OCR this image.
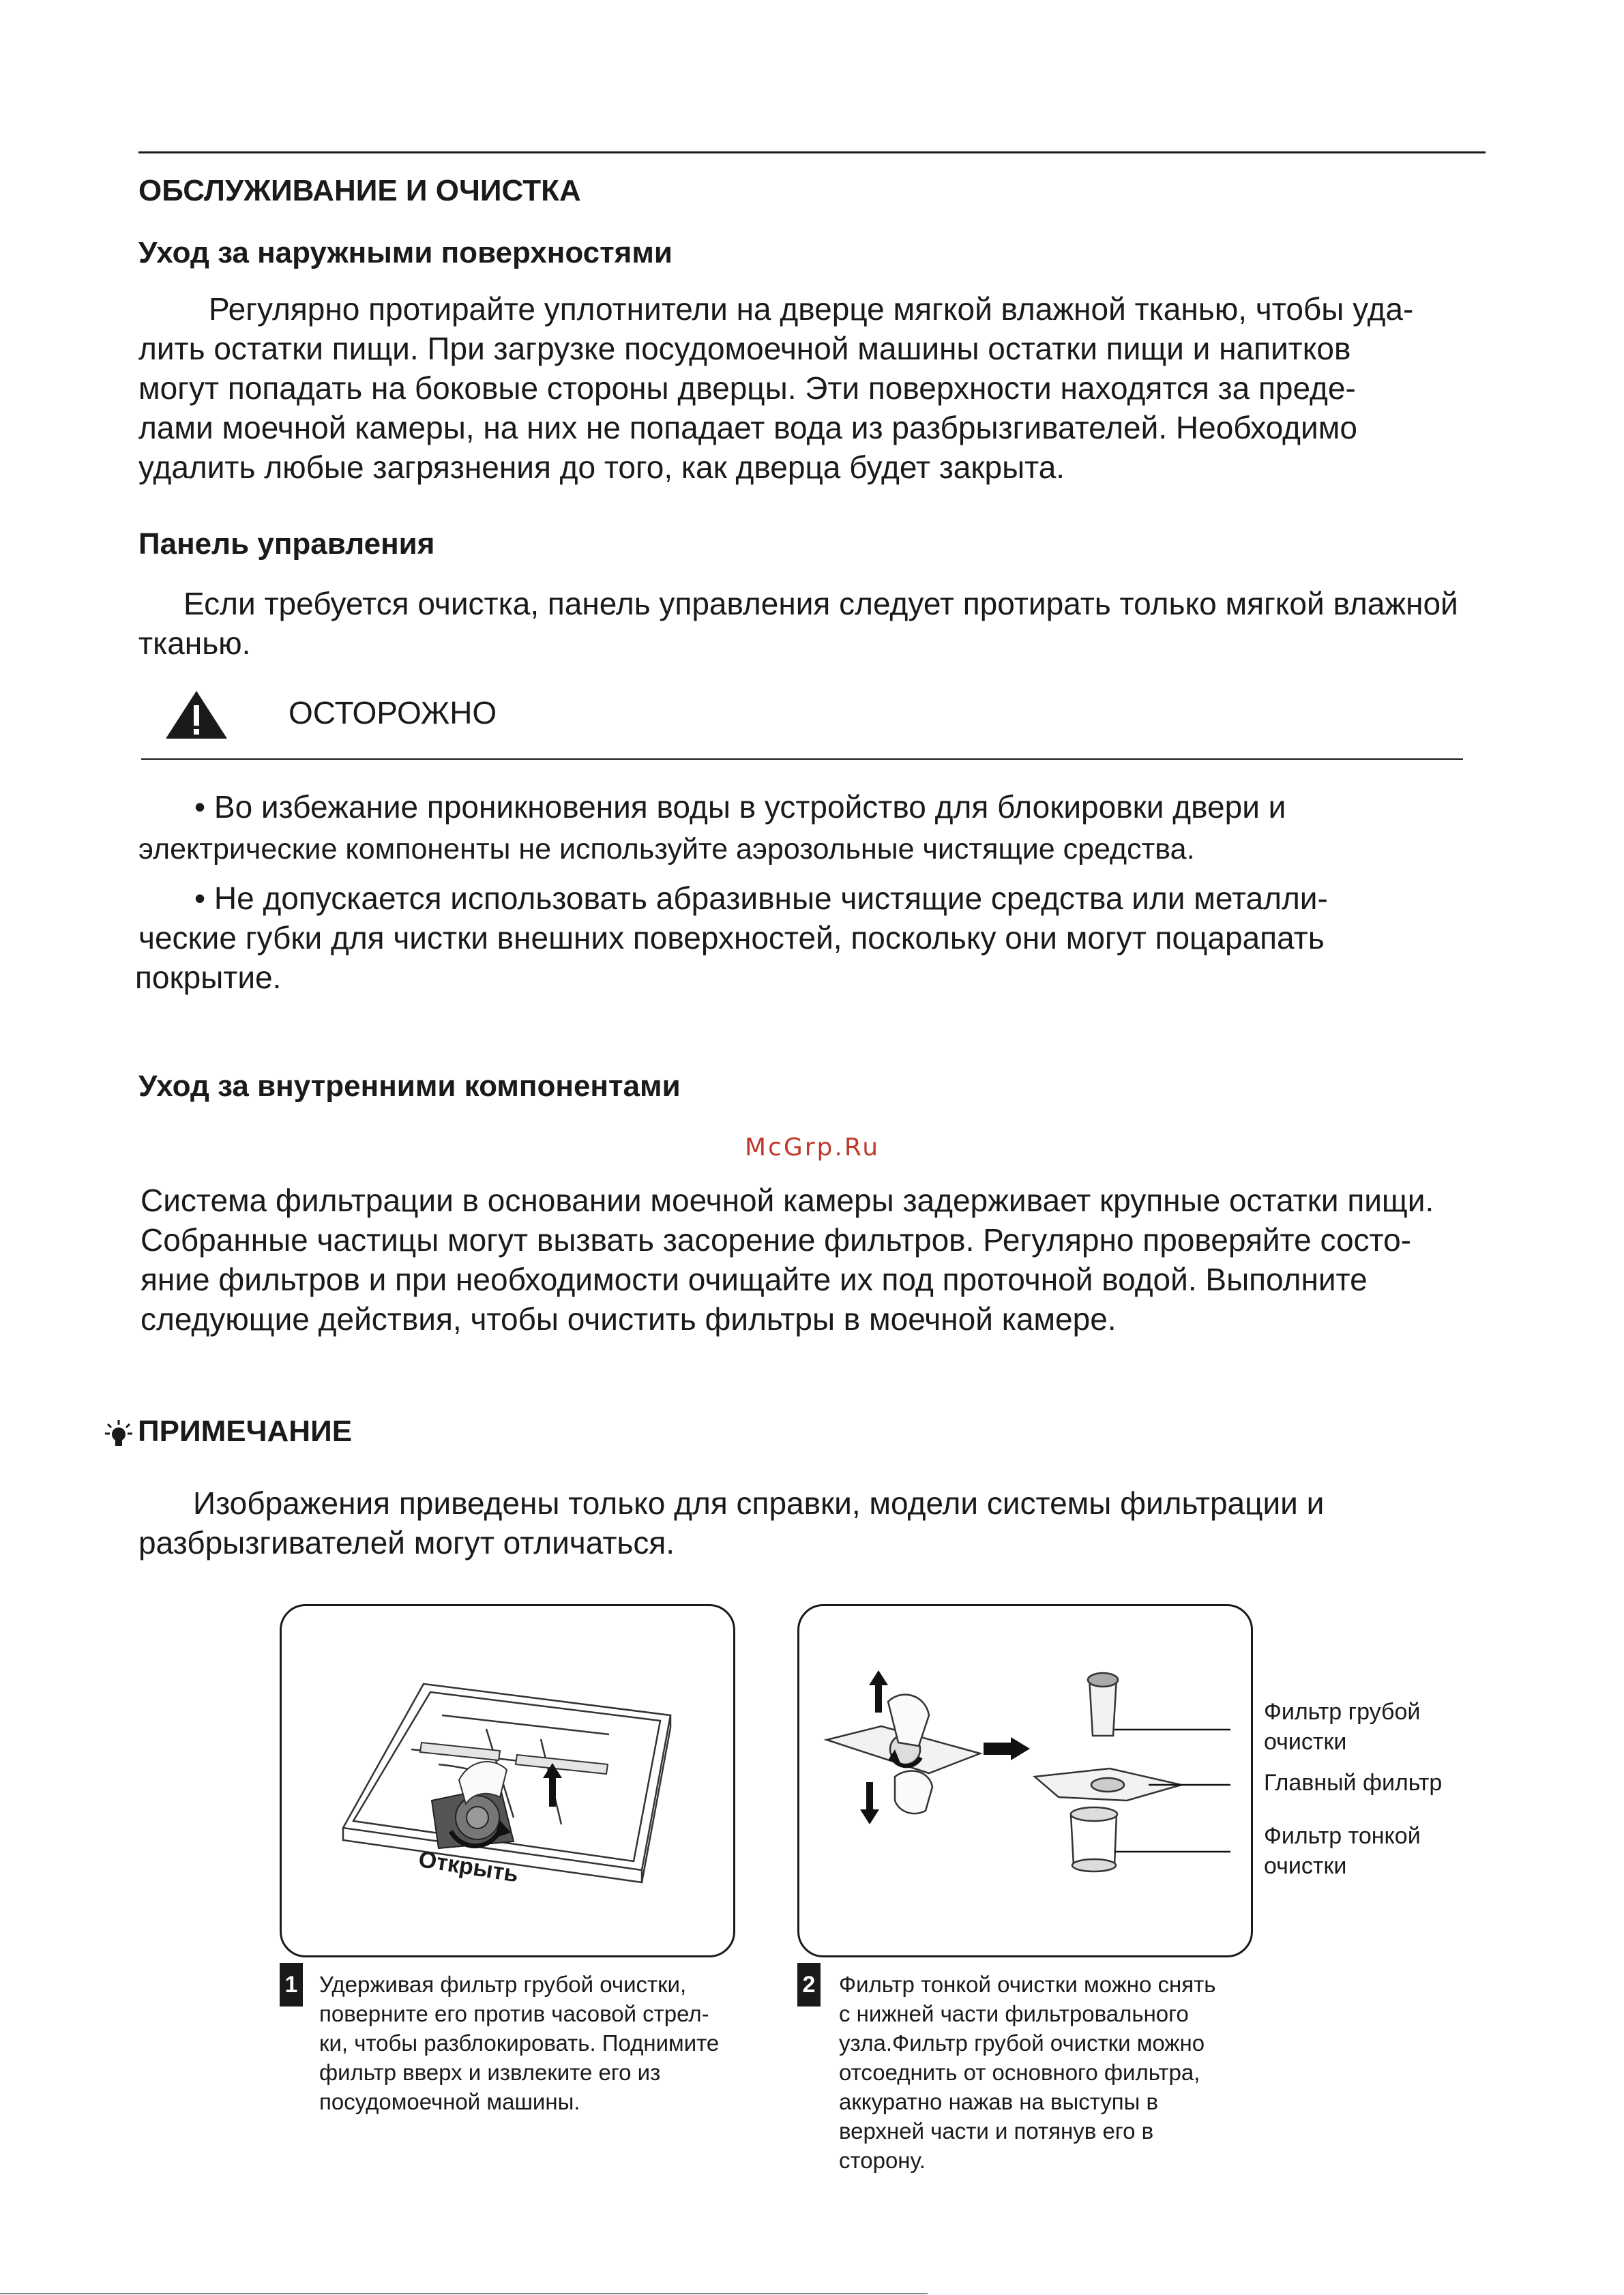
ОБСЛУЖИВАНИЕ И ОЧИСТКА
Уход за наружными поверхностями
Регулярно протирайте уплотнители на дверце мягкой влажной тканью, чтобы уда-
лить остатки пищи. При загрузке посудомоечной машины остатки пищи и напитков
могут попадать на боковые стороны дверцы. Эти поверхности находятся за преде-
лами моечной камеры, на них не попадает вода из разбрызгивателей. Необходимо
удалить любые загрязнения до того, как дверца будет закрыта.
Панель управления
Если требуется очистка, панель управления следует протирать только мягкой влажной
тканью.
ОСТОРОЖНО
• Во избежание проникновения воды в устройство для блокировки двери и
электрические компоненты не используйте аэрозольные чистящие средства.
• Не допускается использовать абразивные чистящие средства или металли-
ческие губки для чистки внешних поверхностей, поскольку они могут поцарапать
покрытие.
Уход за внутренними компонентами
McGrp.Ru
Система фильтрации в основании моечной камеры задерживает крупные остатки пищи.
Собранные частицы могут вызвать засорение фильтров. Регулярно проверяйте состо-
яние фильтров и при необходимости очищайте их под проточной водой. Выполните
следующие действия, чтобы очистить фильтры в моечной камере.
ПРИМЕЧАНИЕ
Изображения приведены только для справки, модели системы фильтрации и
разбрызгивателей могут отличаться.
Открыть
1 Удерживая фильтр грубой очистки,
поверните его против часовой стрел-
ки, чтобы разблокировать. Поднимите
фильтр вверх и извлеките его из
посудомоечной машины.
Фильтр грубой
очистки
Главный фильтр
Фильтр тонкой
очистки
2 Фильтр тонкой очистки можно снять
с нижней части фильтровального
узла.Фильтр грубой очистки можно
отсоеднить от основного фильтра,
аккуратно нажав на выступы в
верхней части и потянув его в
сторону.
